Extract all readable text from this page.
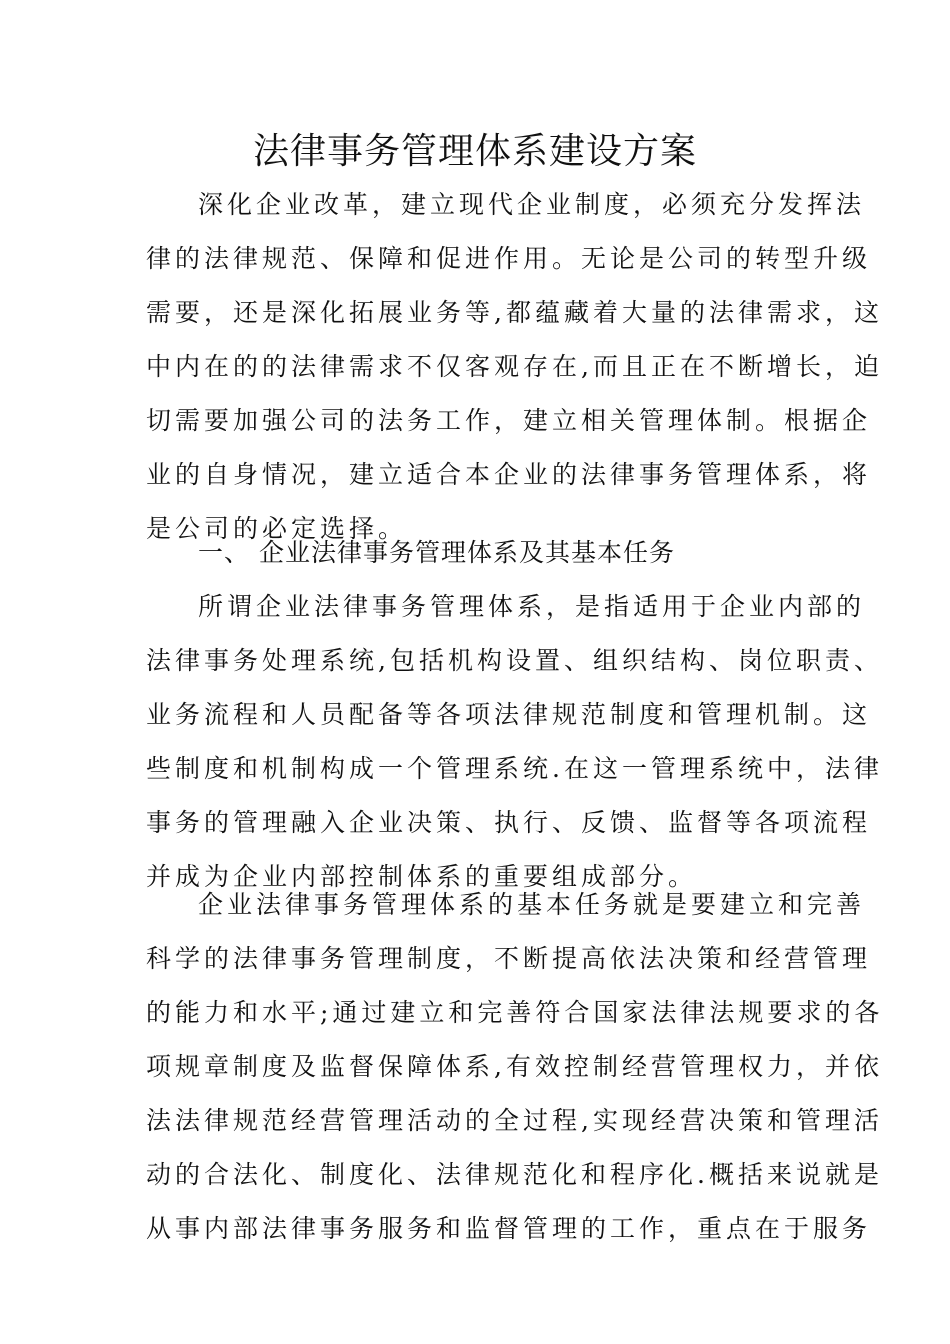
法律事务管理体系建设方案
深化企业改革，建立现代企业制度，必须充分发挥法
律的法律规范、保障和促进作用。无论是公司的转型升级
需要，还是深化拓展业务等,都蕴藏着大量的法律需求，这
中内在的的法律需求不仅客观存在,而且正在不断增长，迫
切需要加强公司的法务工作，建立相关管理体制。根据企
业的自身情况，建立适合本企业的法律事务管理体系，将
是公司的必定选择。
一、 企业法律事务管理体系及其基本任务
所谓企业法律事务管理体系，是指适用于企业内部的
法律事务处理系统,包括机构设置、组织结构、岗位职责、
业务流程和人员配备等各项法律规范制度和管理机制。这
些制度和机制构成一个管理系统.在这一管理系统中，法律
事务的管理融入企业决策、执行、反馈、监督等各项流程
并成为企业内部控制体系的重要组成部分。
企业法律事务管理体系的基本任务就是要建立和完善
科学的法律事务管理制度，不断提高依法决策和经营管理
的能力和水平;通过建立和完善符合国家法律法规要求的各
项规章制度及监督保障体系,有效控制经营管理权力，并依
法法律规范经营管理活动的全过程,实现经营决策和管理活
动的合法化、制度化、法律规范化和程序化.概括来说就是
从事内部法律事务服务和监督管理的工作，重点在于服务
